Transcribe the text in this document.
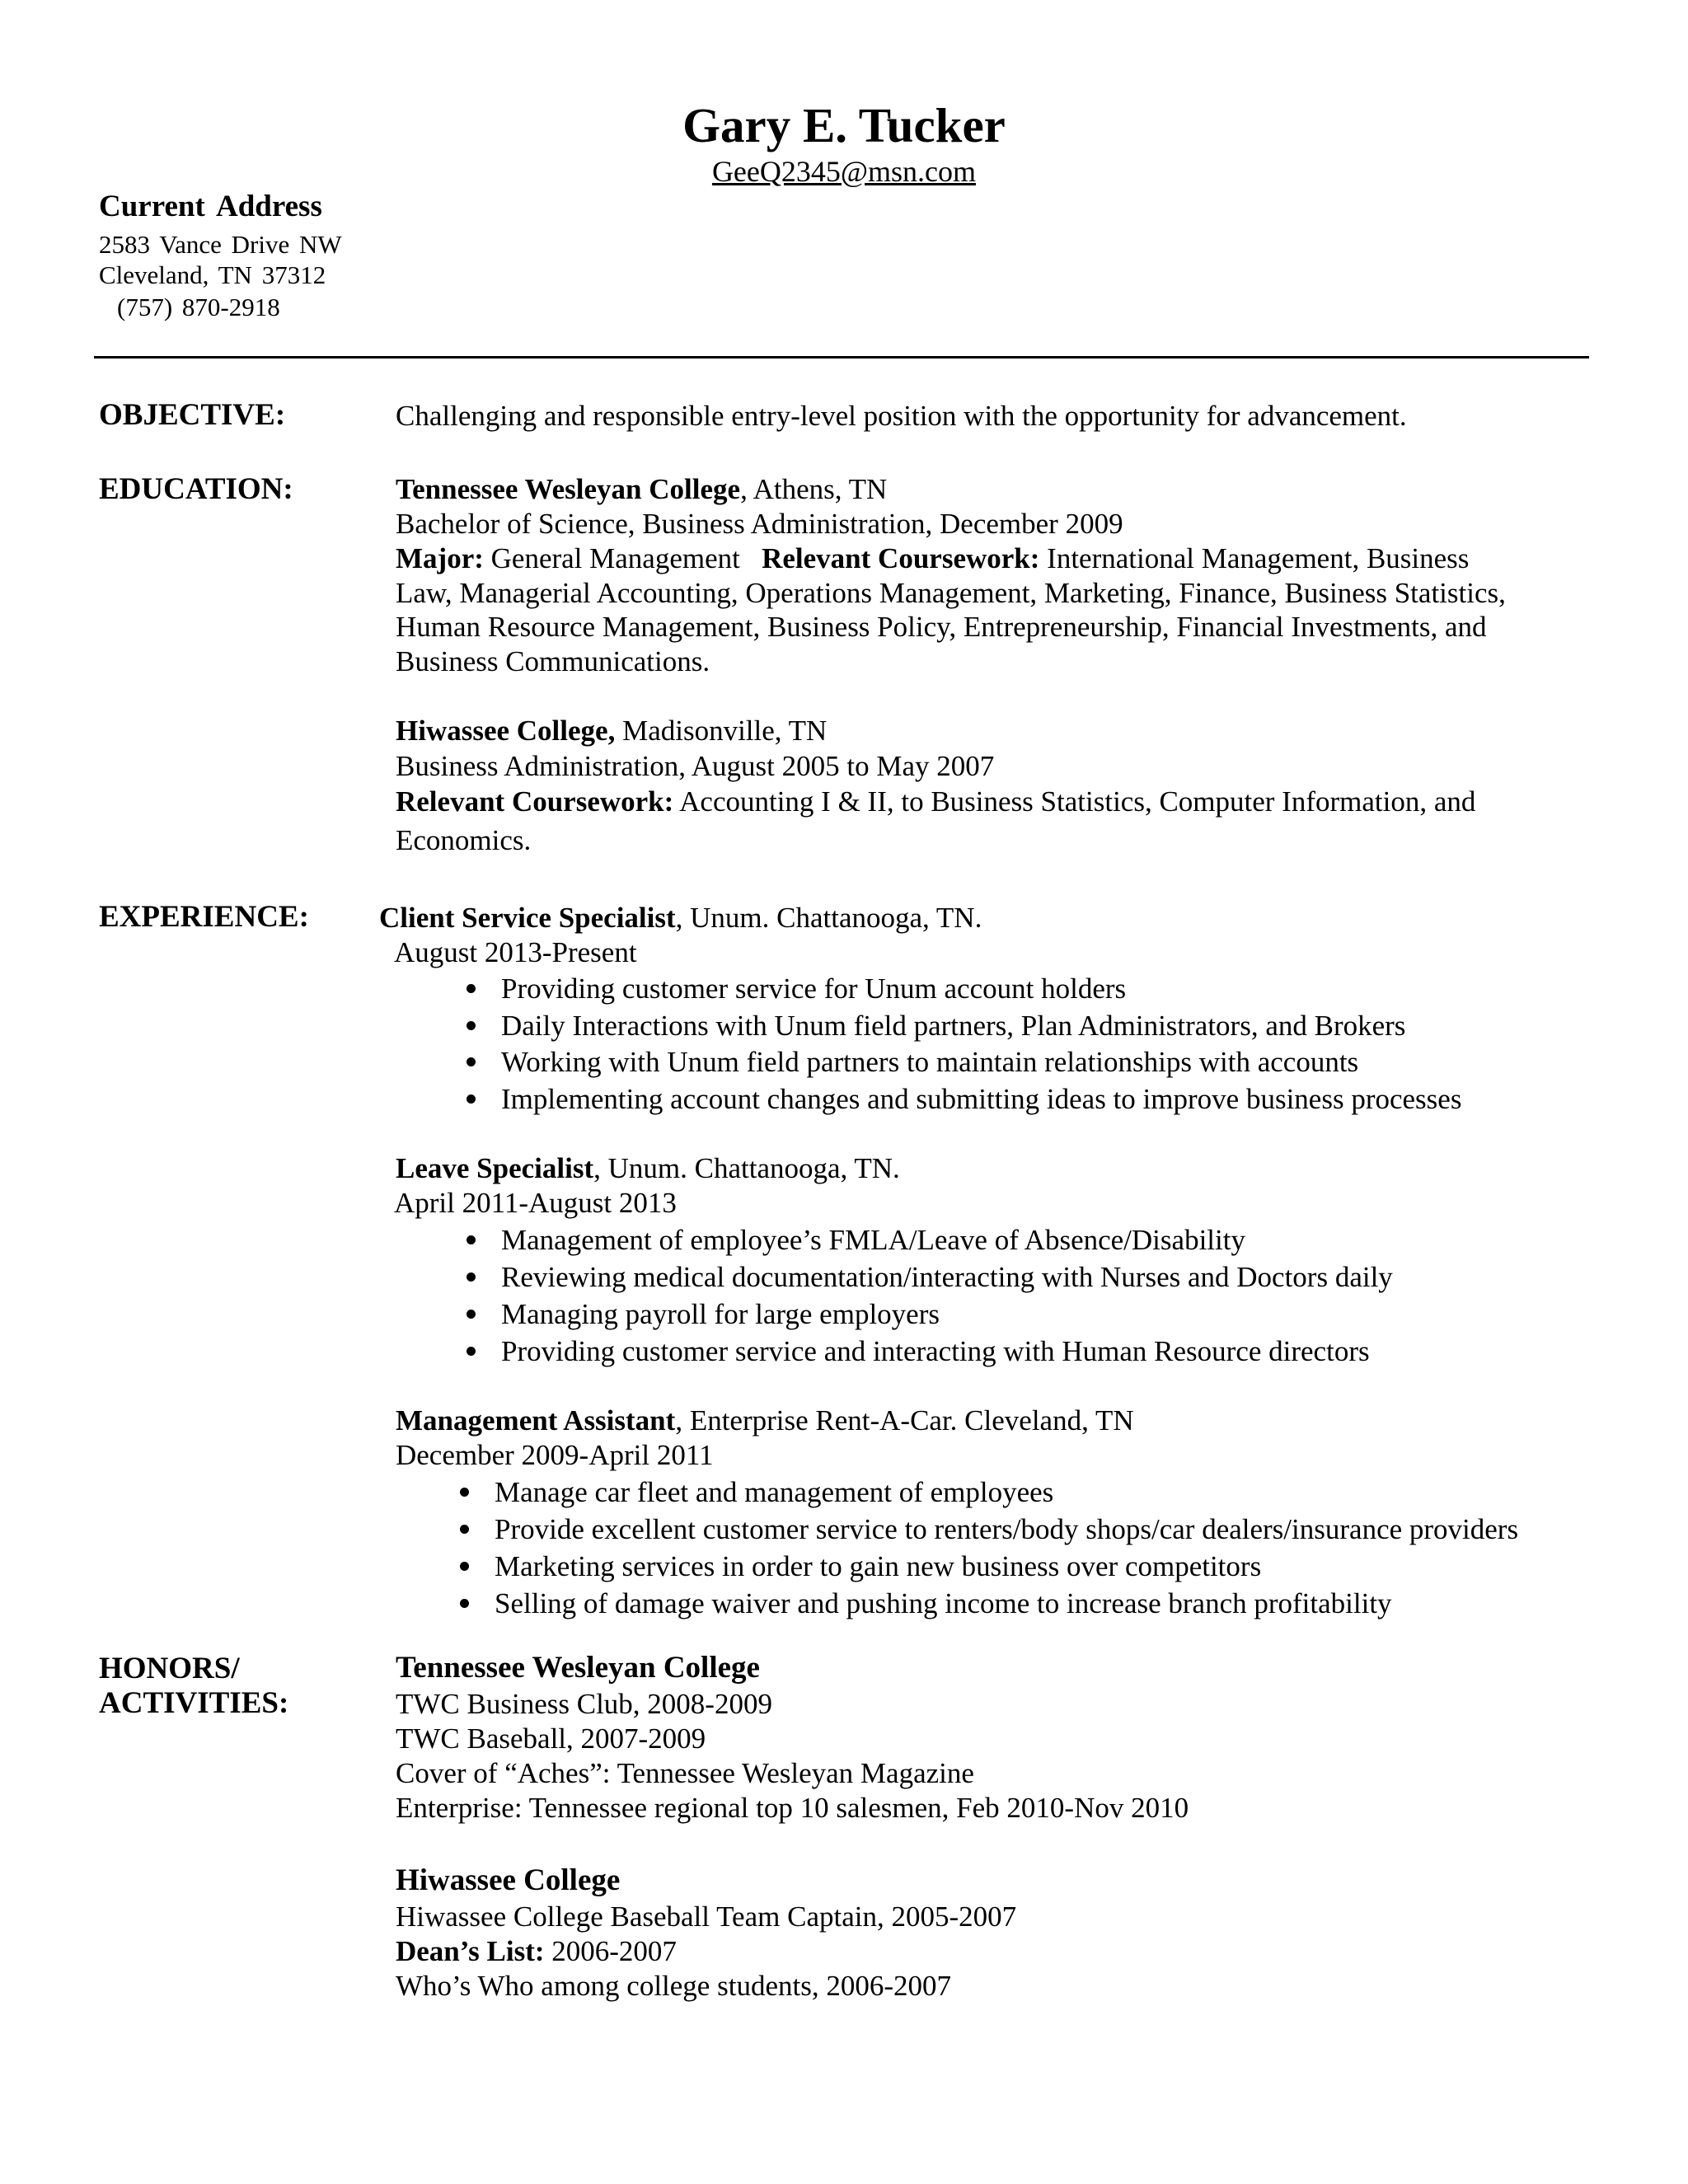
Gary E. Tucker
GeeQ2345@msn.com
Current Address
2583 Vance Drive NW
Cleveland, TN 37312
(757) 870-2918
OBJECTIVE:	Challenging and responsible entry-level position with the opportunity for advancement.
EDUCATION:	Tennessee Wesleyan College, Athens, TN
Bachelor of Science, Business Administration, December 2009
Major: General Management   Relevant Coursework: International Management, Business
Law, Managerial Accounting, Operations Management, Marketing, Finance, Business Statistics,
Human Resource Management, Business Policy, Entrepreneurship, Financial Investments, and
Business Communications.
Hiwassee College, Madisonville, TN
Business Administration, August 2005 to May 2007
Relevant Coursework: Accounting I & II, to Business Statistics, Computer Information, and
Economics.
EXPERIENCE: Client Service Specialist, Unum. Chattanooga, TN.
August 2013-Present
Providing customer service for Unum account holders
Daily Interactions with Unum field partners, Plan Administrators, and Brokers
Working with Unum field partners to maintain relationships with accounts
Implementing account changes and submitting ideas to improve business processes
Leave Specialist, Unum. Chattanooga, TN.
April 2011-August 2013
Management of employee’s FMLA/Leave of Absence/Disability
Reviewing medical documentation/interacting with Nurses and Doctors daily
Managing payroll for large employers
Providing customer service and interacting with Human Resource directors
Management Assistant, Enterprise Rent-A-Car. Cleveland, TN
December 2009-April 2011
Manage car fleet and management of employees
Provide excellent customer service to renters/body shops/car dealers/insurance providers
Marketing services in order to gain new business over competitors
Selling of damage waiver and pushing income to increase branch profitability
HONORS/
ACTIVITIES:
Tennessee Wesleyan College
TWC Business Club, 2008-2009
TWC Baseball, 2007-2009
Cover of “Aches”: Tennessee Wesleyan Magazine
Enterprise: Tennessee regional top 10 salesmen, Feb 2010-Nov 2010
Hiwassee College
Hiwassee College Baseball Team Captain, 2005-2007
Dean’s List: 2006-2007
Who’s Who among college students, 2006-2007
